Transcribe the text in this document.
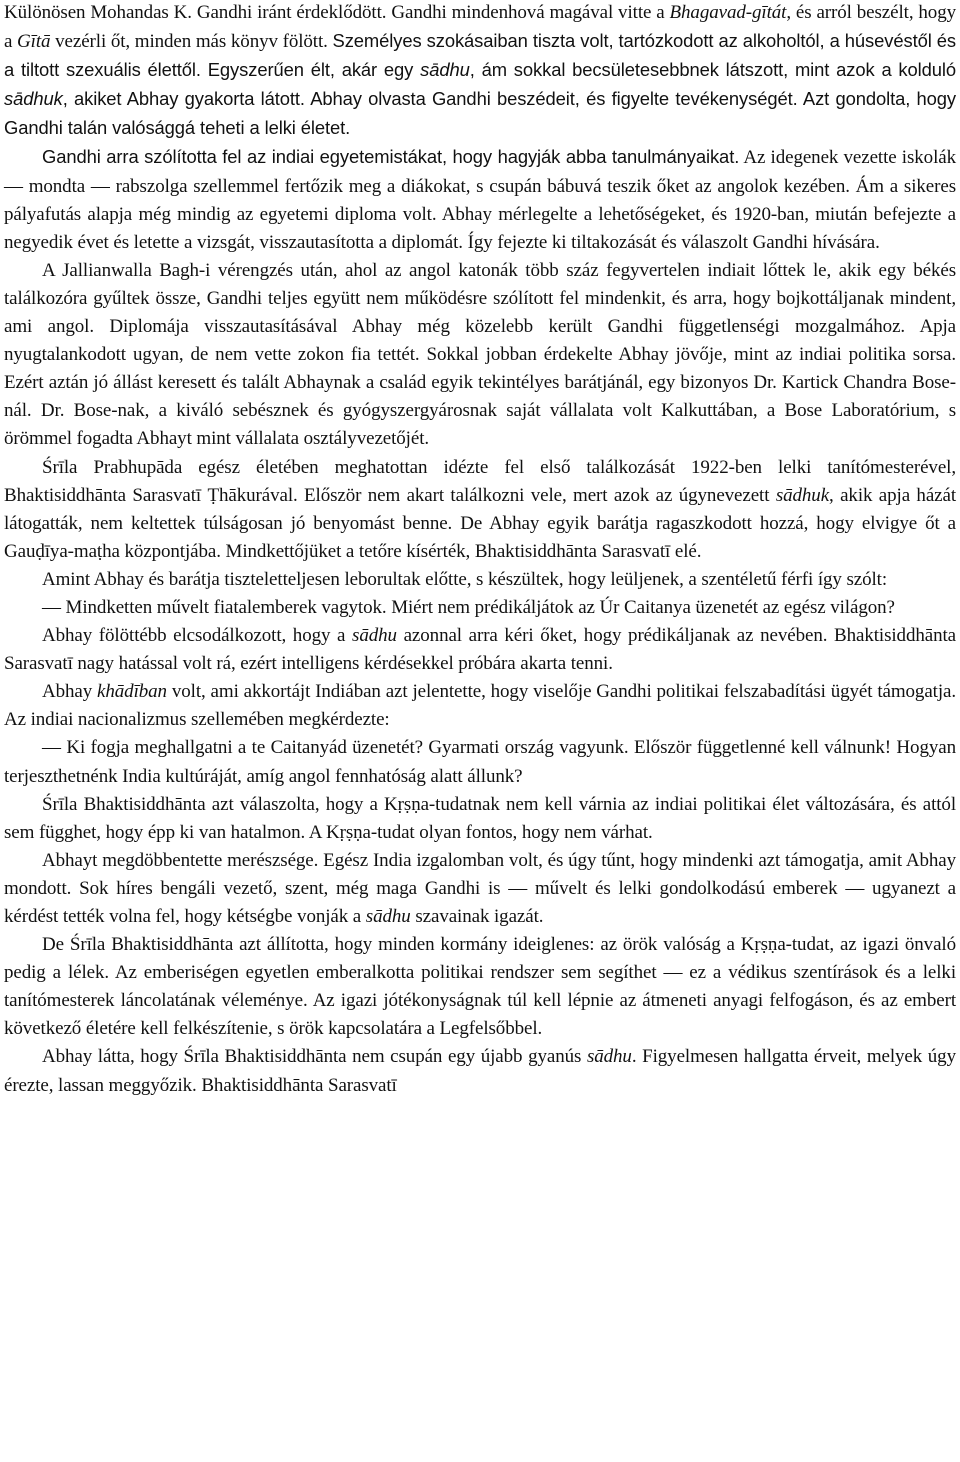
Különösen Mohandas K. Gandhi iránt érdeklődött. Gandhi mindenhová magával vitte a Bhagavad-gītát, és arról beszélt, hogy a Gītā vezérli őt, minden más könyv fölött. Személyes szokásaiban tiszta volt, tartózkodott az alkoholtól, a húsevéstől és a tiltott szexuális élettől. Egyszerűen élt, akár egy sādhu, ám sokkal becsületesebbnek látszott, mint azok a kolduló sādhuk, akiket Abhay gyakorta látott. Abhay olvasta Gandhi beszédeit, és figyelte tevékenységét. Azt gondolta, hogy Gandhi talán valósággá teheti a lelki életet.

Gandhi arra szólította fel az indiai egyetemistákat, hogy hagyják abba tanulmányaikat. Az idegenek vezette iskolák — mondta — rabszolga szellemmel fertőzik meg a diákokat, s csupán bábuvá teszik őket az angolok kezében. Ám a sikeres pályafutás alapja még mindig az egyetemi diploma volt. Abhay mérlegelte a lehetőségeket, és 1920-ban, miután befejezte a negyedik évet és letette a vizsgát, visszautasította a diplomát. Így fejezte ki tiltakozását és válaszolt Gandhi hívására.

A Jallianwalla Bagh-i vérengzés után, ahol az angol katonák több száz fegyvertelen indiait lőttek le, akik egy békés találkozóra gyűltek össze, Gandhi teljes együtt nem működésre szólított fel mindenkit, és arra, hogy bojkottáljanak mindent, ami angol. Diplomája visszautasításával Abhay még közelebb került Gandhi függetlenségi mozgalmához. Apja nyugtalankodott ugyan, de nem vette zokon fia tettét. Sokkal jobban érdekelte Abhay jövője, mint az indiai politika sorsa. Ezért aztán jó állást keresett és talált Abhaynak a család egyik tekintélyes barátjánál, egy bizonyos Dr. Kartick Chandra Bose-nál. Dr. Bose-nak, a kiváló sebésznek és gyógyszergyárosnak saját vállalata volt Kalkuttában, a Bose Laboratórium, s örömmel fogadta Abhayt mint vállalata osztályvezetőjét.

Śrīla Prabhupāda egész életében meghatottan idézte fel első találkozását 1922-ben lelki tanítómesterével, Bhaktisiddhānta Sarasvatī Ṭhākurával. Először nem akart találkozni vele, mert azok az úgynevezett sādhuk, akik apja házát látogatták, nem keltettek túlságosan jó benyomást benne. De Abhay egyik barátja ragaszkodott hozzá, hogy elvigye őt a Gauḍīya-maṭha központjába. Mindkettőjüket a tetőre kísérték, Bhaktisiddhānta Sarasvatī elé.

Amint Abhay és barátja tiszteletteljesen leborultak előtte, s készültek, hogy leüljenek, a szentéletű férfi így szólt:

— Mindketten művelt fiatalemberek vagytok. Miért nem prédikáljátok az Úr Caitanya üzenetét az egész világon?

Abhay fölöttébb elcsodálkozott, hogy a sādhu azonnal arra kéri őket, hogy prédikáljanak az nevében. Bhaktisiddhānta Sarasvatī nagy hatással volt rá, ezért intelligens kérdésekkel próbára akarta tenni.

Abhay khādīban volt, ami akkortájt Indiában azt jelentette, hogy viselője Gandhi politikai felszabadítási ügyét támogatja. Az indiai nacionalizmus szellemében megkérdezte:

— Ki fogja meghallgatni a te Caitanyád üzenetét? Gyarmati ország vagyunk. Először függetlenné kell válnunk! Hogyan terjeszthetnénk India kultúráját, amíg angol fennhatóság alatt állunk?

Śrīla Bhaktisiddhānta azt válaszolta, hogy a Kṛṣṇa-tudatnak nem kell várnia az indiai politikai élet változására, és attól sem függhet, hogy épp ki van hatalmon. A Kṛṣṇa-tudat olyan fontos, hogy nem várhat.

Abhayt megdöbbentette merészsége. Egész India izgalomban volt, és úgy tűnt, hogy mindenki azt támogatja, amit Abhay mondott. Sok híres bengáli vezető, szent, még maga Gandhi is — művelt és lelki gondolkodású emberek — ugyanezt a kérdést tették volna fel, hogy kétségbe vonják a sādhu szavainak igazát.

De Śrīla Bhaktisiddhānta azt állította, hogy minden kormány ideiglenes: az örök valóság a Kṛṣṇa-tudat, az igazi önvaló pedig a lélek. Az emberiségen egyetlen emberalkotta politikai rendszer sem segíthet — ez a védikus szentírások és a lelki tanítómesterek láncolatának véleménye. Az igazi jótékonyságnak túl kell lépnie az átmeneti anyagi felfogáson, és az embert következő életére kell felkészítenie, s örök kapcsolatára a Legfelsőbbel.

Abhay látta, hogy Śrīla Bhaktisiddhānta nem csupán egy újabb gyanús sādhu. Figyelmesen hallgatta érveit, melyek úgy érezte, lassan meggyőzik. Bhaktisiddhānta Sarasvatī
